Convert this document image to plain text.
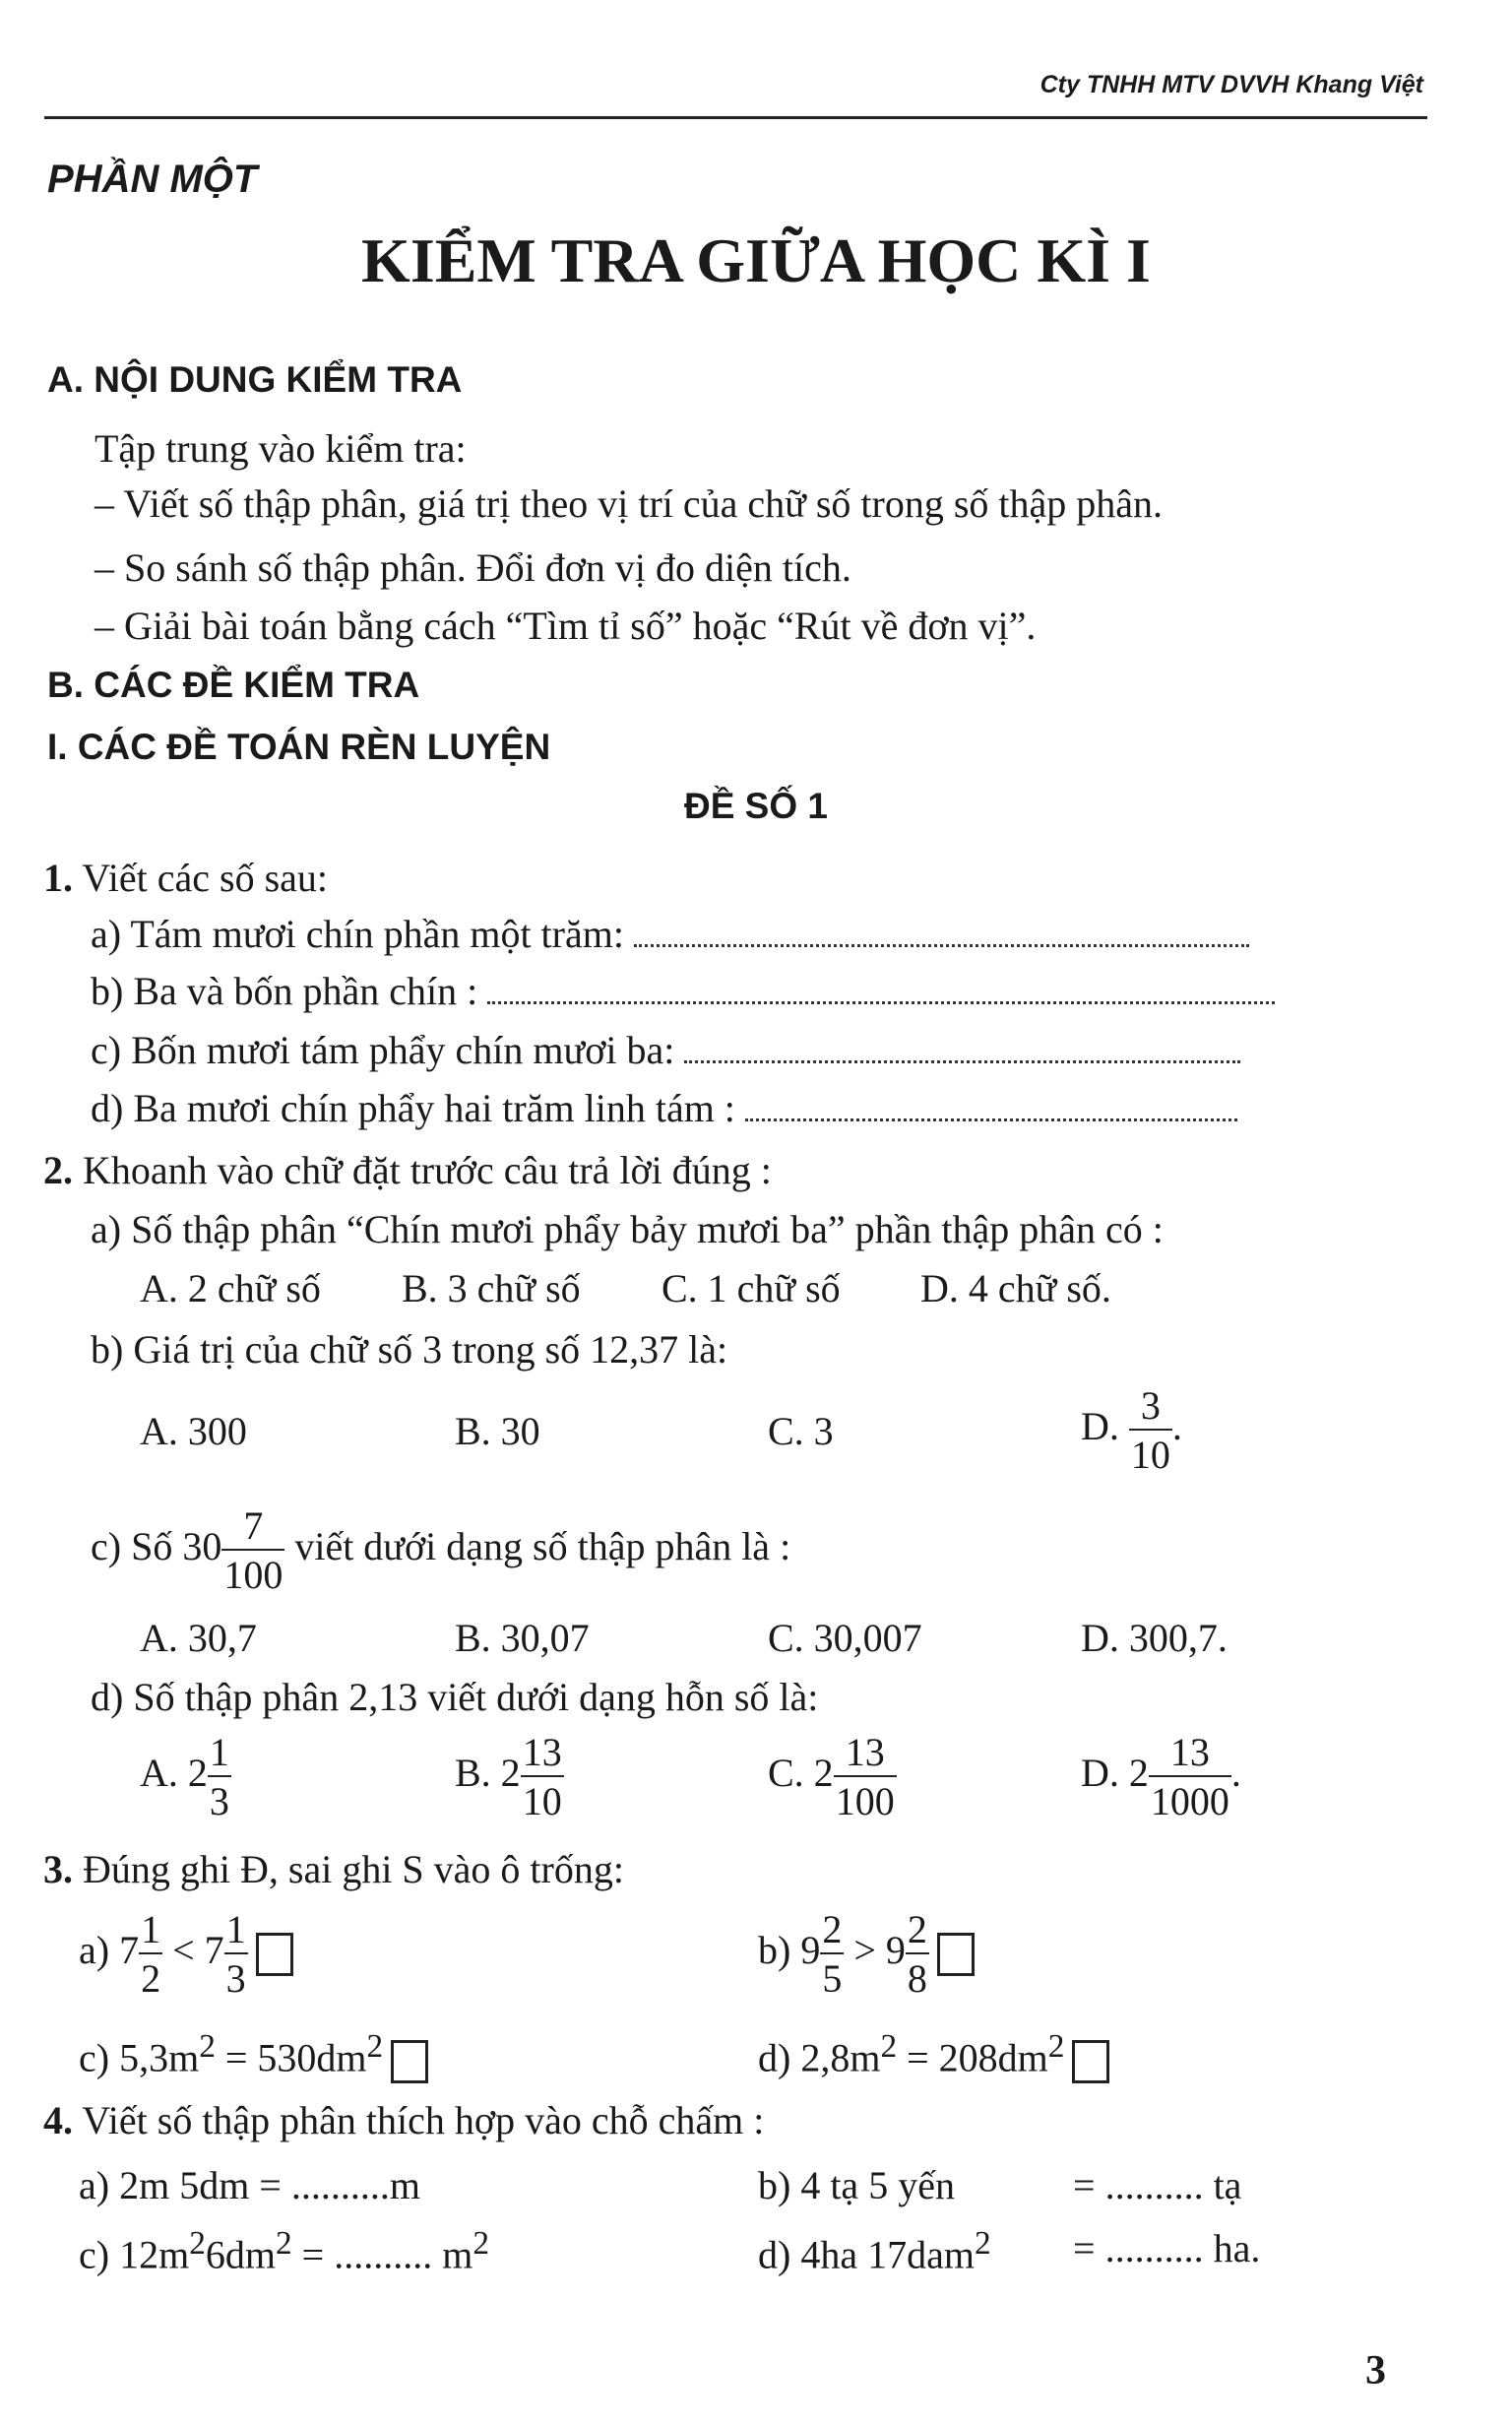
Cty TNHH MTV DVVH Khang Việt
PHẦN MỘT
KIỂM TRA GIỮA HỌC KÌ I
A. NỘI DUNG KIỂM TRA
Tập trung vào kiểm tra:
– Viết số thập phân, giá trị theo vị trí của chữ số trong số thập phân.
– So sánh số thập phân. Đổi đơn vị đo diện tích.
– Giải bài toán bằng cách “Tìm tỉ số” hoặc “Rút về đơn vị”.
B. CÁC ĐỀ KIỂM TRA
I. CÁC ĐỀ TOÁN RÈN LUYỆN
ĐỀ SỐ 1
1. Viết các số sau:
a) Tám mươi chín phần một trăm:
b) Ba và bốn phần chín :
c) Bốn mươi tám phẩy chín mươi ba:
d) Ba mươi chín phẩy hai trăm linh tám :
2. Khoanh vào chữ đặt trước câu trả lời đúng :
a) Số thập phân “Chín mươi phẩy bảy mươi ba” phần thập phân có :
A. 2 chữ số B. 3 chữ số C. 1 chữ số D. 4 chữ số.
b) Giá trị của chữ số 3 trong số 12,37 là:
A. 300	B. 30	C. 3	D. $\frac{3}{10}$ .
c) Số $30 \frac{7}{100}$ viết dưới dạng số thập phân là :
A. 30,7	B. 30,07	C. 30,007	D. 300,7.
d) Số thập phân 2,13 viết dưới dạng hỗn số là:
A. $2 \frac{1}{3}$	B. $2 \frac{13}{10}$	C. $2 \frac{13}{100}$	D. $2 \frac{13}{1000}$ .
3. Đúng ghi Đ, sai ghi S vào ô trống:
a) $7 \frac{1}{2} < 7 \frac{1}{3}$	b) $9 \frac{2}{5} > 9 \frac{2}{8}$
c) $5,3m^2 = 530dm^2$	d) $2,8m^2 = 208dm^2$
4. Viết số thập phân thích hợp vào chỗ chấm :
a) 2m 5dm = ..........m	b) 4 tạ 5 yến	= .......... tạ
c) $12m^26dm^2$ = .......... $m^2$	d) 4ha 17dam$^2$ = .......... ha.
3
